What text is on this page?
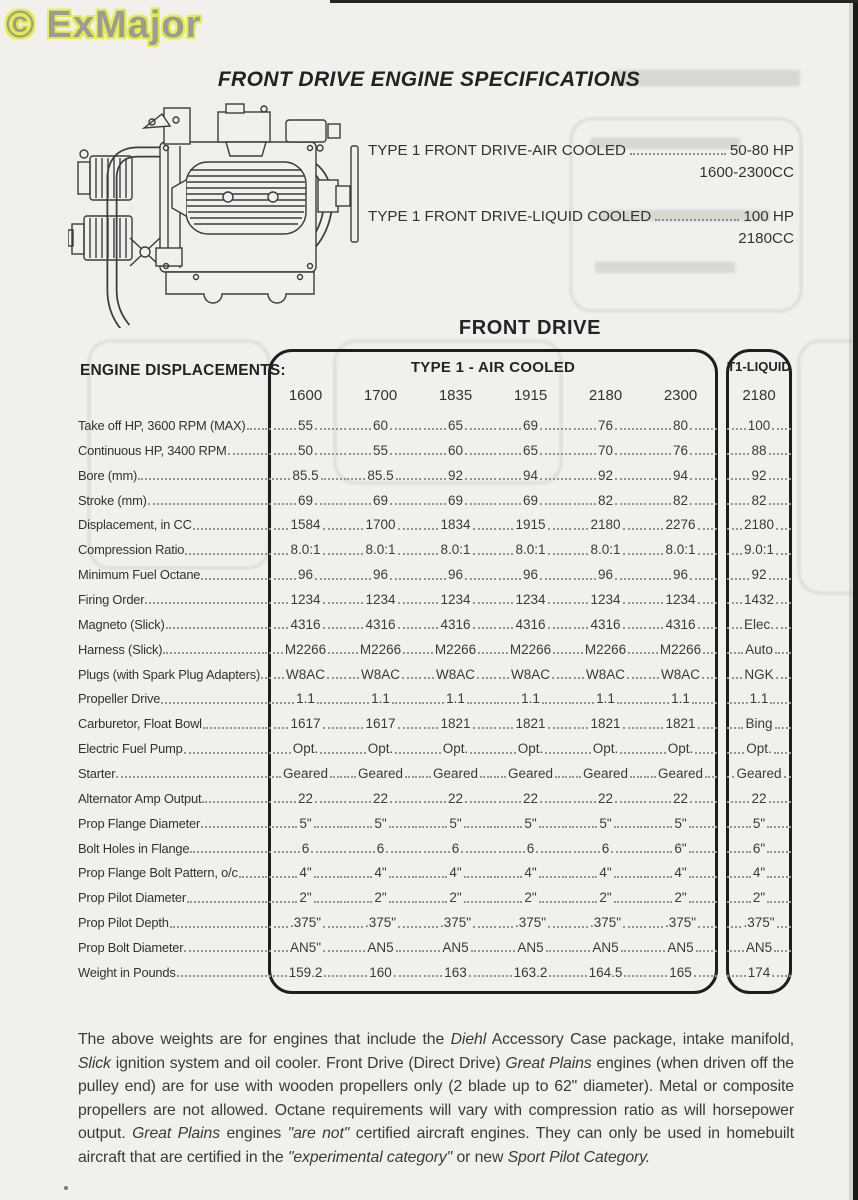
© ExMajor
FRONT DRIVE ENGINE SPECIFICATIONS
TYPE 1 FRONT DRIVE-AIR COOLED	50-80 HP
1600-2300CC
TYPE 1 FRONT DRIVE-LIQUID COOLED	100 HP
2180CC
FRONT DRIVE
ENGINE DISPLACEMENTS:	TYPE 1 - AIR COOLED	T1-LIQUID
1600	1700	1835	1915	2180	2300	2180
Take off HP, 3600 RPM (MAX)	55	60	65	69	76	80	100
Continuous HP, 3400 RPM	50	55	60	65	70	76	88
Bore (mm)	85.5	85.5	92	94	92	94	92
Stroke (mm)	69	69	69	69	82	82	82
Displacement, in CC	1584	1700	1834	1915	2180	2276	2180
Compression Ratio	8.0:1	8.0:1	8.0:1	8.0:1	8.0:1	8.0:1	9.0:1
Minimum Fuel Octane	96	96	96	96	96	96	92
Firing Order	1234	1234	1234	1234	1234	1234	1432
Magneto (Slick)	4316	4316	4316	4316	4316	4316	Elec.
Harness (Slick)	M2266 M2266 M2266 M2266 M2266 M2266	Auto
Plugs (with Spark Plug Adapters) W8AC	W8AC	W8AC	W8AC	W8AC	W8AC	NGK
Propeller Drive	1.1	1.1	1.1	1.1	1.1	1.1	1.1
Carburetor, Float Bowl	1617	1617	1821	1821	1821	1821	Bing
Electric Fuel Pump	Opt.	Opt.	Opt.	Opt.	Opt.	Opt.	Opt.
Starter	Geared Geared Geared Geared Geared Geared Geared
Alternator Amp Output	22	22	22	22	22	22	22
Prop Flange Diameter	5"	5"	5"	5"	5"	5"	5"
Bolt Holes in Flange	6	6	6	6	6	6"	6"
Prop Flange Bolt Pattern, o/c	4"	4"	4"	4"	4"	4"	4"
Prop Pilot Diameter	2"	2"	2"	2"	2"	2"	2"
Prop Pilot Depth	.375"	.375"	.375"	.375"	.375"	.375"	.375"
Prop Bolt Diameter	AN5"	AN5	AN5	AN5	AN5	AN5	AN5
Weight in Pounds	159.2	160	163	163.2	164.5	165	174
The above weights are for engines that include the Diehl Accessory Case package, intake manifold, Slick ignition system and oil cooler. Front Drive (Direct Drive) Great Plains engines (when driven off the pulley end) are for use with wooden propellers only (2 blade up to 62" diameter). Metal or composite propellers are not allowed. Octane requirements will vary with compression ratio as will horsepower output. Great Plains engines "are not" certified aircraft engines. They can only be used in homebuilt aircraft that are certified in the "experimental category" or new Sport Pilot Category.
